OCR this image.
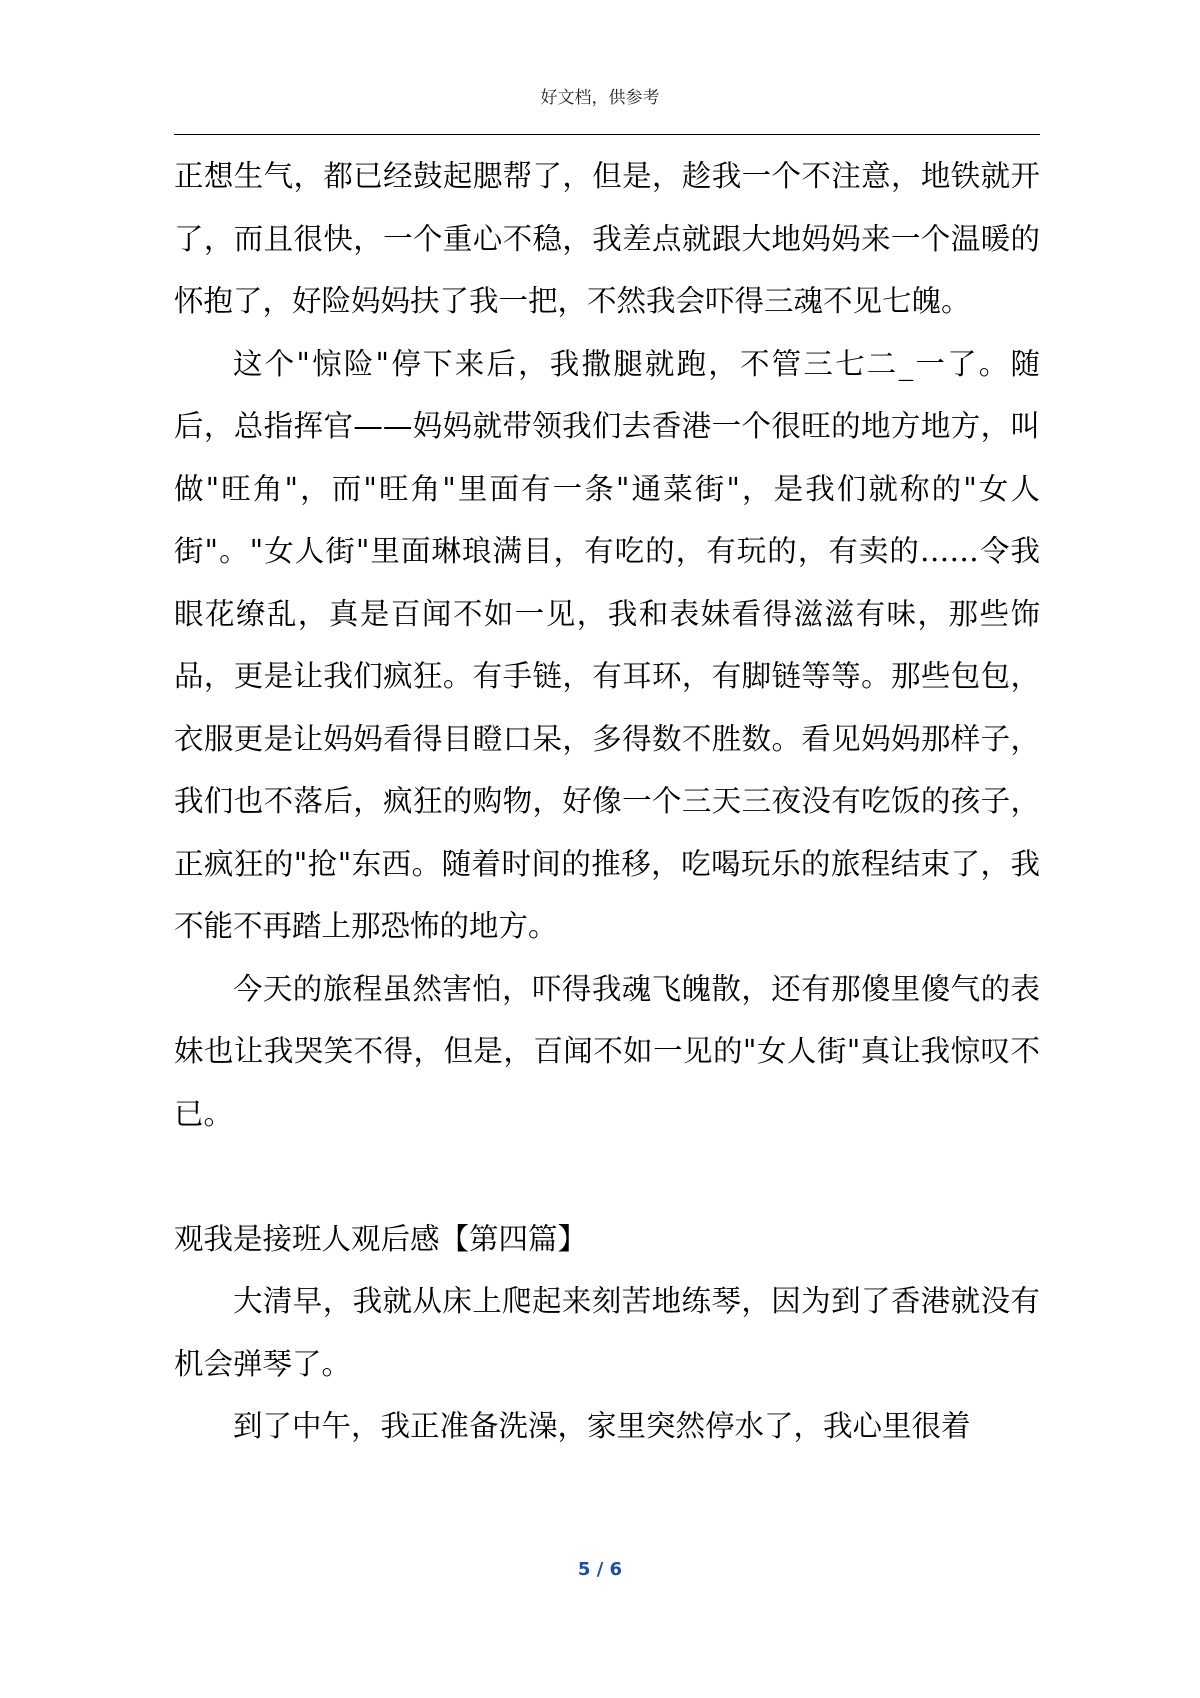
好文档，供参考

正想生气，都已经鼓起腮帮了，但是，趁我一个不注意，地铁就开了，而且很快，一个重心不稳，我差点就跟大地妈妈来一个温暖的怀抱了，好险妈妈扶了我一把，不然我会吓得三魂不见七魄。

这个"惊险"停下来后，我撒腿就跑，不管三七二_一了。随后，总指挥官——妈妈就带领我们去香港一个很旺的地方地方，叫做"旺角"，而"旺角"里面有一条"通菜街"，是我们就称的"女人街"。"女人街"里面琳琅满目，有吃的，有玩的，有卖的……令我眼花缭乱，真是百闻不如一见，我和表妹看得滋滋有味，那些饰品，更是让我们疯狂。有手链，有耳环，有脚链等等。那些包包，衣服更是让妈妈看得目瞪口呆，多得数不胜数。看见妈妈那样子，我们也不落后，疯狂的购物，好像一个三天三夜没有吃饭的孩子，正疯狂的"抢"东西。随着时间的推移，吃喝玩乐的旅程结束了，我不能不再踏上那恐怖的地方。

今天的旅程虽然害怕，吓得我魂飞魄散，还有那傻里傻气的表妹也让我哭笑不得，但是，百闻不如一见的"女人街"真让我惊叹不已。

观我是接班人观后感【第四篇】

大清早，我就从床上爬起来刻苦地练琴，因为到了香港就没有机会弹琴了。

到了中午，我正准备洗澡，家里突然停水了，我心里很着

5 / 6
